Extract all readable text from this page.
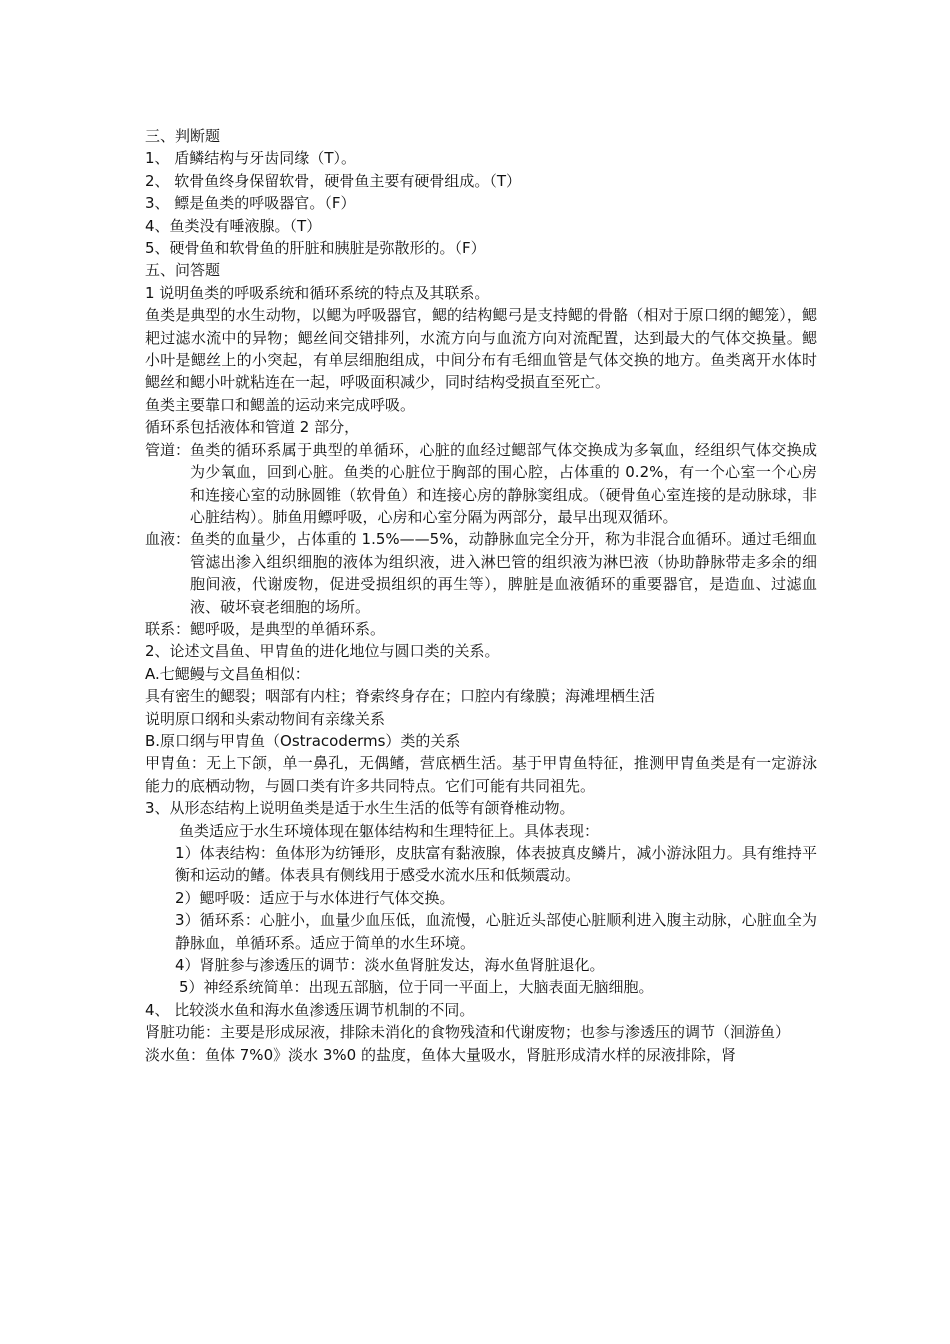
三、判断题
1、 盾鳞结构与牙齿同缘（T）。
2、 软骨鱼终身保留软骨，硬骨鱼主要有硬骨组成。（T）
3、 鳔是鱼类的呼吸器官。（F）
4、鱼类没有唾液腺。（T）
5、硬骨鱼和软骨鱼的肝脏和胰脏是弥散形的。（F）
五、问答题
1 说明鱼类的呼吸系统和循环系统的特点及其联系。
鱼类是典型的水生动物，以鳃为呼吸器官，鳃的结构鳃弓是支持鳃的骨骼（相对于原口纲的鳃笼），鳃耙过滤水流中的异物；鳃丝间交错排列，水流方向与血流方向对流配置，达到最大的气体交换量。鳃小叶是鳃丝上的小突起，有单层细胞组成，中间分布有毛细血管是气体交换的地方。鱼类离开水体时鳃丝和鳃小叶就粘连在一起，呼吸面积减少，同时结构受损直至死亡。
鱼类主要靠口和鳃盖的运动来完成呼吸。
循环系包括液体和管道 2 部分，
管道： 鱼类的循环系属于典型的单循环，心脏的血经过鳃部气体交换成为多氧血，经组织气体交换成为少氧血，回到心脏。鱼类的心脏位于胸部的围心腔，占体重的 0.2%，有一个心室一个心房和连接心室的动脉圆锥（软骨鱼）和连接心房的静脉窦组成。（硬骨鱼心室连接的是动脉球，非心脏结构）。肺鱼用鳔呼吸，心房和心室分隔为两部分，最早出现双循环。
血液： 鱼类的血量少，占体重的 1.5%——5%，动静脉血完全分开，称为非混合血循环。通过毛细血管滤出渗入组织细胞的液体为组织液，进入淋巴管的组织液为淋巴液（协助静脉带走多余的细胞间液，代谢废物，促进受损组织的再生等），脾脏是血液循环的重要器官，是造血、过滤血液、破坏衰老细胞的场所。
联系：鳃呼吸，是典型的单循环系。
2、论述文昌鱼、甲胄鱼的进化地位与圆口类的关系。
A.七鳃鳗与文昌鱼相似：
具有密生的鳃裂；咽部有内柱；脊索终身存在；口腔内有缘膜；海滩埋栖生活
说明原口纲和头索动物间有亲缘关系
B.原口纲与甲胄鱼（Ostracoderms）类的关系
甲胄鱼：无上下颌，单一鼻孔，无偶鳍，营底栖生活。基于甲胄鱼特征，推测甲胄鱼类是有一定游泳能力的底栖动物，与圆口类有许多共同特点。它们可能有共同祖先。
3、从形态结构上说明鱼类是适于水生生活的低等有颌脊椎动物。
鱼类适应于水生环境体现在躯体结构和生理特征上。具体表现：
1）体表结构：鱼体形为纺锤形，皮肤富有黏液腺，体表披真皮鳞片，减小游泳阻力。具有维持平衡和运动的鳍。体表具有侧线用于感受水流水压和低频震动。
2）鳃呼吸：适应于与水体进行气体交换。
3）循环系：心脏小，血量少血压低，血流慢，心脏近头部使心脏顺利进入腹主动脉，心脏血全为静脉血，单循环系。适应于简单的水生环境。
4）肾脏参与渗透压的调节：淡水鱼肾脏发达，海水鱼肾脏退化。
5）神经系统简单：出现五部脑，位于同一平面上，大脑表面无脑细胞。
4、 比较淡水鱼和海水鱼渗透压调节机制的不同。
肾脏功能： 主要是形成尿液，排除未消化的食物残渣和代谢废物；也参与渗透压的调节（洄游鱼）
淡水鱼：鱼体 7%0》淡水 3%0 的盐度，鱼体大量吸水，肾脏形成清水样的尿液排除，肾
